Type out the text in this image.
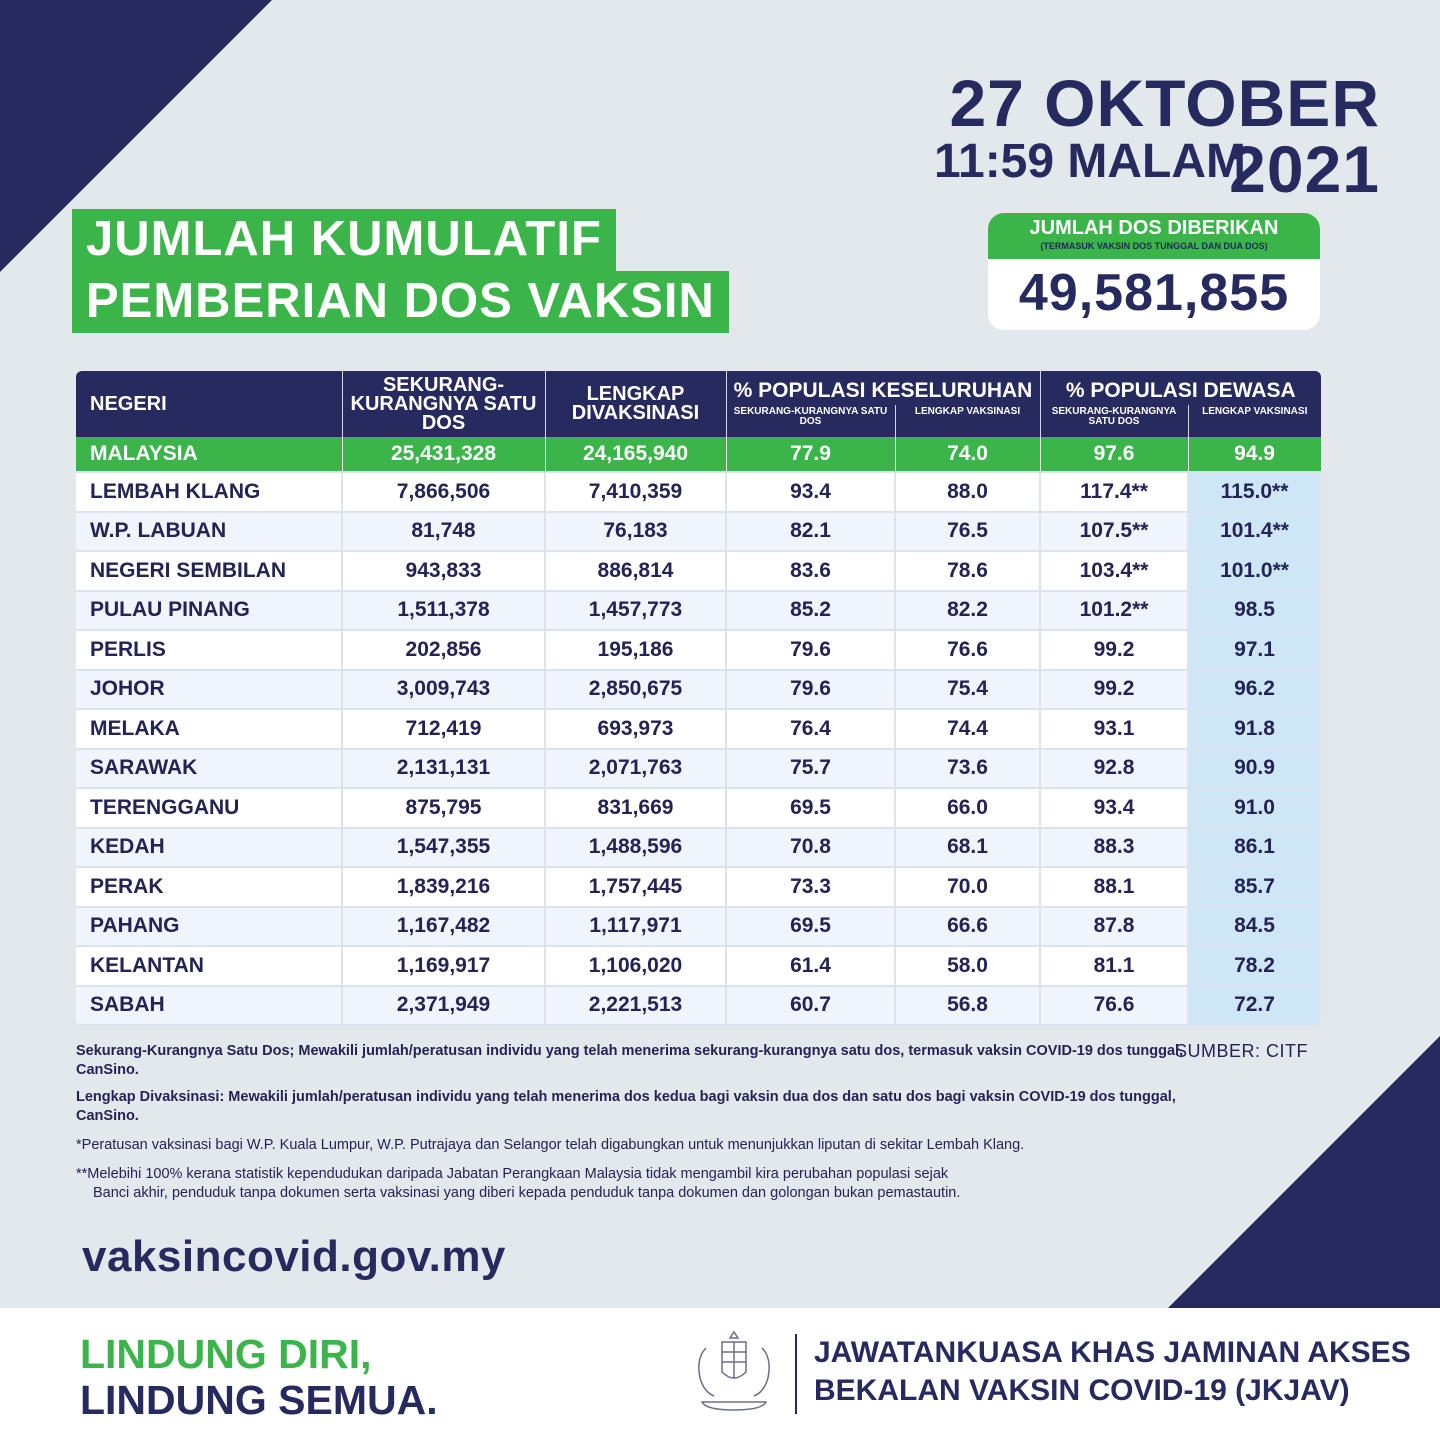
27 OKTOBER 2021
11:59 MALAM
JUMLAH KUMULATIF
PEMBERIAN DOS VAKSIN
JUMLAH DOS DIBERIKAN
(TERMASUK VAKSIN DOS TUNGGAL DAN DUA DOS)
49,581,855
NEGERI	SEKURANG-KURANGNYA SATU DOS	LENGKAP DIVAKSINASI	% POPULASI KESELURUHAN		% POPULASI DEWASA	
			SEKURANG-KURANGNYA SATU DOS	LENGKAP VAKSINASI	SEKURANG-KURANGNYA SATU DOS	LENGKAP VAKSINASI
MALAYSIA	25,431,328	24,165,940	77.9	74.0	97.6	94.9
LEMBAH KLANG	7,866,506	7,410,359	93.4	88.0	117.4**	115.0**
W.P. LABUAN	81,748	76,183	82.1	76.5	107.5**	101.4**
NEGERI SEMBILAN	943,833	886,814	83.6	78.6	103.4**	101.0**
PULAU PINANG	1,511,378	1,457,773	85.2	82.2	101.2**	98.5
PERLIS	202,856	195,186	79.6	76.6	99.2	97.1
JOHOR	3,009,743	2,850,675	79.6	75.4	99.2	96.2
MELAKA	712,419	693,973	76.4	74.4	93.1	91.8
SARAWAK	2,131,131	2,071,763	75.7	73.6	92.8	90.9
TERENGGANU	875,795	831,669	69.5	66.0	93.4	91.0
KEDAH	1,547,355	1,488,596	70.8	68.1	88.3	86.1
PERAK	1,839,216	1,757,445	73.3	70.0	88.1	85.7
PAHANG	1,167,482	1,117,971	69.5	66.6	87.8	84.5
KELANTAN	1,169,917	1,106,020	61.4	58.0	81.1	78.2
SABAH	2,371,949	2,221,513	60.7	56.8	76.6	72.7

Sekurang-Kurangnya Satu Dos; Mewakili jumlah/peratusan individu yang telah menerima sekurang-kurangnya satu dos, termasuk vaksin COVID-19 dos tunggal, CanSino.

Lengkap Divaksinasi: Mewakili jumlah/peratusan individu yang telah menerima dos kedua bagi vaksin dua dos dan satu dos bagi vaksin COVID-19 dos tunggal, CanSino.

*Peratusan vaksinasi bagi W.P. Kuala Lumpur, W.P. Putrajaya dan Selangor telah digabungkan untuk menunjukkan liputan di sekitar Lembah Klang.

**Melebihi 100% kerana statistik kependudukan daripada Jabatan Perangkaan Malaysia tidak mengambil kira perubahan populasi sejak

Banci akhir, penduduk tanpa dokumen serta vaksinasi yang diberi kepada penduduk tanpa dokumen dan golongan bukan pemastautin.

SUMBER: CITF
vaksincovid.gov.my
LINDUNG DIRI,
LINDUNG SEMUA.
JAWATANKUASA KHAS JAMINAN AKSES
BEKALAN VAKSIN COVID-19 (JKJAV)
